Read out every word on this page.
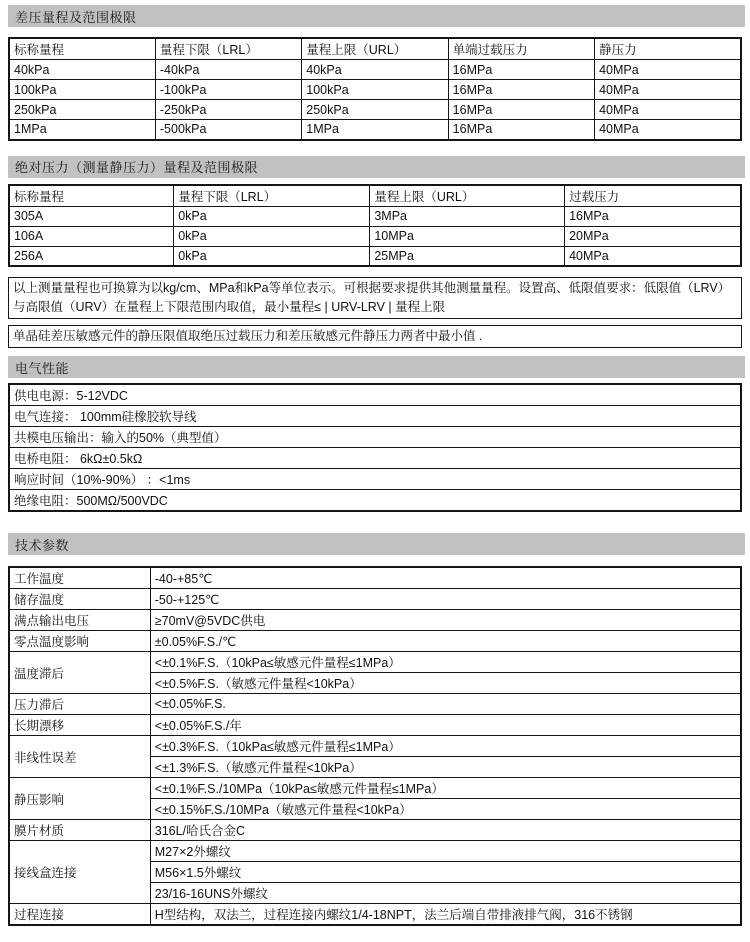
差压量程及范围极限
标称量程	量程下限（LRL）	量程上限（URL）	单端过载压力	静压力
40kPa	-40kPa	40kPa	16MPa	40MPa
100kPa	-100kPa	100kPa	16MPa	40MPa
250kPa	-250kPa	250kPa	16MPa	40MPa
1MPa	-500kPa	1MPa	16MPa	40MPa
绝对压力（测量静压力）量程及范围极限
标称量程	量程下限（LRL）	量程上限（URL）	过载压力
305A	0kPa	3MPa	16MPa
106A	0kPa	10MPa	20MPa
256A	0kPa	25MPa	40MPa
以上测量量程也可换算为以kg/cm、MPa和kPa等单位表示。可根据要求提供其他测量量程。设置高、低限值要求：低限值（LRV）与高限值（URV）在量程上下限范围内取值，最小量程≤ | URV-LRV | 量程上限
单晶硅差压敏感元件的静压限值取绝压过载压力和差压敏感元件静压力两者中最小值 .
电气性能
供电电源：5-12VDC
电气连接： 100mm硅橡胶软导线
共模电压输出：输入的50%（典型值）
电桥电阻： 6kΩ±0.5kΩ
响应时间（10%-90%） ：<1ms
绝缘电阻：500MΩ/500VDC
技术参数
工作温度	-40-+85℃
储存温度	-50-+125℃
满点输出电压	≥70mV@5VDC供电
零点温度影响	±0.05%F.S./℃
温度滞后	<±0.1%F.S.（10kPa≤敏感元件量程≤1MPa）
	<±0.5%F.S.（敏感元件量程<10kPa）
压力滞后	<±0.05%F.S.
长期漂移	<±0.05%F.S./年
非线性误差	<±0.3%F.S.（10kPa≤敏感元件量程≤1MPa）
	<±1.3%F.S.（敏感元件量程<10kPa）
静压影响	<±0.1%F.S./10MPa（10kPa≤敏感元件量程≤1MPa）
	<±0.15%F.S./10MPa（敏感元件量程<10kPa）
膜片材质	316L/哈氏合金C
接线盒连接	M27×2外螺纹
	M56×1.5外螺纹
	23/16-16UNS外螺纹
过程连接	H型结构，双法兰，过程连接内螺纹1/4-18NPT，法兰后端自带排液排气阀，316不锈钢
